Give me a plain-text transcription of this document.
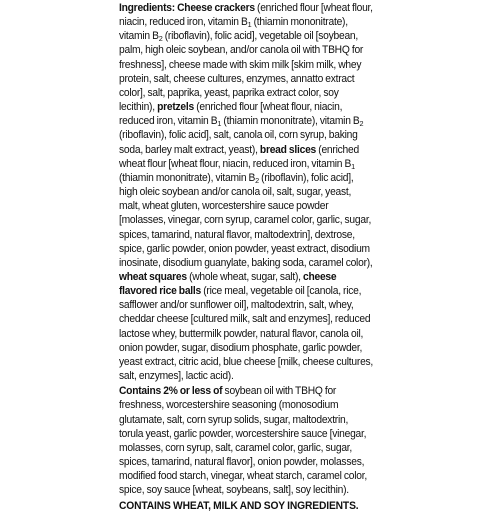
Ingredients: Cheese crackers (enriched flour [wheat flour, niacin, reduced iron, vitamin $B_1$ (thiamin mononitrate), vitamin $B_2$ (riboflavin), folic acid], vegetable oil [soybean, palm, high oleic soybean, and/or canola oil with TBHQ for freshness], cheese made with skim milk [skim milk, whey protein, salt, cheese cultures, enzymes, annatto extract color], salt, paprika, yeast, paprika extract color, soy lecithin), pretzels (enriched flour [wheat flour, niacin, reduced iron, vitamin $B_1$ (thiamin mononitrate), vitamin $B_2$ (riboflavin), folic acid], salt, canola oil, corn syrup, baking soda, barley malt extract, yeast), bread slices (enriched wheat flour [wheat flour, niacin, reduced iron, vitamin $B_1$ (thiamin mononitrate), vitamin $B_2$ (riboflavin), folic acid], high oleic soybean and/or canola oil, salt, sugar, yeast, malt, wheat gluten, worcestershire sauce powder [molasses, vinegar, corn syrup, caramel color, garlic, sugar, spices, tamarind, natural flavor, maltodextrin], dextrose, spice, garlic powder, onion powder, yeast extract, disodium inosinate, disodium guanylate, baking soda, caramel color), wheat squares (whole wheat, sugar, salt), cheese flavored rice balls (rice meal, vegetable oil [canola, rice, safflower and/or sunflower oil], maltodextrin, salt, whey, cheddar cheese [cultured milk, salt and enzymes], reduced lactose whey, buttermilk powder, natural flavor, canola oil, onion powder, sugar, disodium phosphate, garlic powder, yeast extract, citric acid, blue cheese [milk, cheese cultures, salt, enzymes], lactic acid).

Contains 2% or less of soybean oil with TBHQ for freshness, worcestershire seasoning (monosodium glutamate, salt, corn syrup solids, sugar, maltodextrin, torula yeast, garlic powder, worcestershire sauce [vinegar, molasses, corn syrup, salt, caramel color, garlic, sugar, spices, tamarind, natural flavor], onion powder, molasses, modified food starch, vinegar, wheat starch, caramel color, spice, soy sauce [wheat, soybeans, salt], soy lecithin).

CONTAINS WHEAT, MILK AND SOY INGREDIENTS.
